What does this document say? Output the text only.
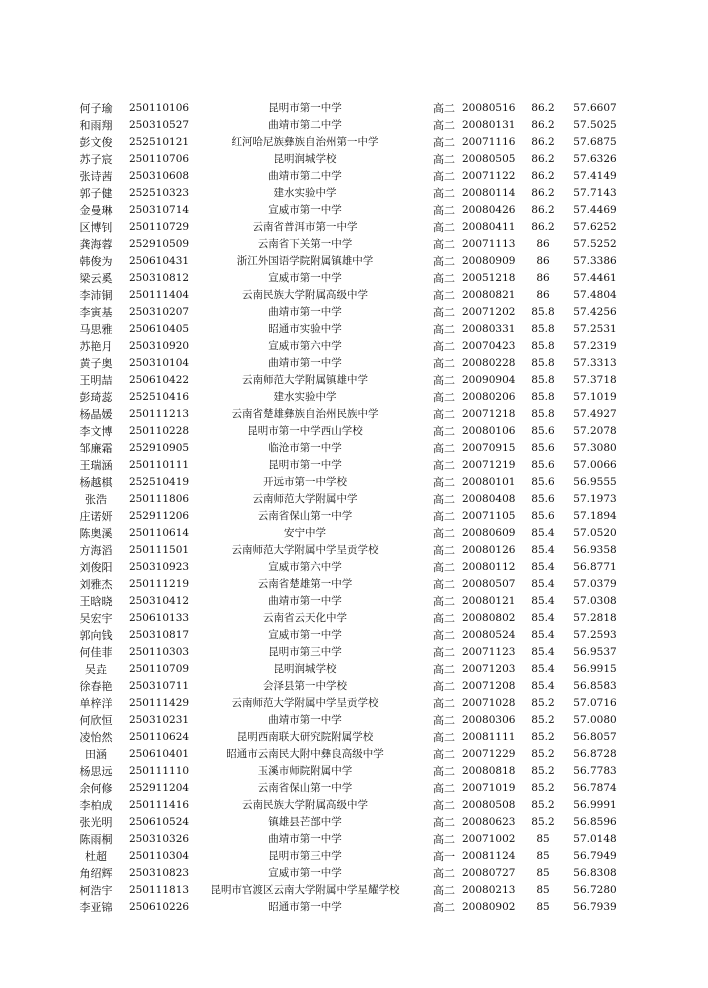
何子瑜	250110106	昆明市第一中学	高二 20080516	86.2	57.6607
和雨翔	250310527	曲靖市第二中学	高二 20080131	86.2	57.5025
彭文俊	252510121	红河哈尼族彝族自治州第一中学	高二 20071116	86.2	57.6875
苏子宸	250110706	昆明润城学校	高二 20080505	86.2	57.6326
张诗茜	250310608	曲靖市第二中学	高二 20071122	86.2	57.4149
郭子健	252510323	建水实验中学	高二 20080114	86.2	57.7143
金曼琳	250310714	宣威市第一中学	高二 20080426	86.2	57.4469
区博钊	250110729	云南省普洱市第一中学	高二 20080411	86.2	57.6252
龚海蓉	252910509	云南省下关第一中学	高二 20071113	86	57.5252
韩俊为	250610431	浙江外国语学院附属镇雄中学	高二 20080909	86	57.3386
梁云奚	250310812	宣威市第一中学	高二 20051218	86	57.4461
李沛铜	250111404	云南民族大学附属高级中学	高二 20080821	86	57.4804
李寅基	250310207	曲靖市第一中学	高二 20071202	85.8	57.4256
马思雅	250610405	昭通市实验中学	高二 20080331	85.8	57.2531
苏艳月	250310920	宣威市第六中学	高二 20070423	85.8	57.2319
黄子奥	250310104	曲靖市第一中学	高二 20080228	85.8	57.3313
王明喆	250610422	云南师范大学附属镇雄中学	高二 20090904	85.8	57.3718
彭琦蕊	252510416	建水实验中学	高二 20080206	85.8	57.1019
杨晶媛	250111213	云南省楚雄彝族自治州民族中学	高二 20071218	85.8	57.4927
李文博	250110228	昆明市第一中学西山学校	高二 20080106	85.6	57.2078
邹廉霜	252910905	临沧市第一中学	高二 20070915	85.6	57.3080
王瑞涵	250110111	昆明市第一中学	高二 20071219	85.6	57.0066
杨越棋	252510419	开远市第一中学校	高二 20080101	85.6	56.9555
张浩	250111806	云南师范大学附属中学	高二 20080408	85.6	57.1973
庄诺妍	252911206	云南省保山第一中学	高二 20071105	85.6	57.1894
陈奥溪	250110614	安宁中学	高二 20080609	85.4	57.0520
方海滔	250111501	云南师范大学附属中学呈贡学校	高二 20080126	85.4	56.9358
刘俊阳	250310923	宣威市第六中学	高二 20080112	85.4	56.8771
刘雅杰	250111219	云南省楚雄第一中学	高二 20080507	85.4	57.0379
王晗晓	250310412	曲靖市第一中学	高二 20080121	85.4	57.0308
吴宏宇	250610133	云南省云天化中学	高二 20080802	85.4	57.2818
郭向钱	250310817	宣威市第一中学	高二 20080524	85.4	57.2593
何佳菲	250110303	昆明市第三中学	高二 20071123	85.4	56.9537
吴垚	250110709	昆明润城学校	高二 20071203	85.4	56.9915
徐春艳	250310711	会泽县第一中学校	高二 20071208	85.4	56.8583
单梓洋	250111429	云南师范大学附属中学呈贡学校	高二 20071028	85.2	57.0716
何欣恒	250310231	曲靖市第一中学	高二 20080306	85.2	57.0080
凌怡然	250110624	昆明西南联大研究院附属学校	高二 20081111	85.2	56.8057
田涵	250610401	昭通市云南民大附中彝良高级中学	高二 20071229	85.2	56.8728
杨思远	250111110	玉溪市师院附属中学	高二 20080818	85.2	56.7783
余何修	252911204	云南省保山第一中学	高二 20071019	85.2	56.7874
李柏成	250111416	云南民族大学附属高级中学	高二 20080508	85.2	56.9991
张光明	250610524	镇雄县芒部中学	高二 20080623	85.2	56.8596
陈雨桐	250310326	曲靖市第一中学	高二 20071002	85	57.0148
杜超	250110304	昆明市第三中学	高一 20081124	85	56.7949
角绍辉	250310823	宣威市第一中学	高二 20080727	85	56.8308
柯浩宇	250111813	昆明市官渡区云南大学附属中学星耀学校	高二 20080213	85	56.7280
李亚锦	250610226	昭通市第一中学	高二 20080902	85	56.7939
